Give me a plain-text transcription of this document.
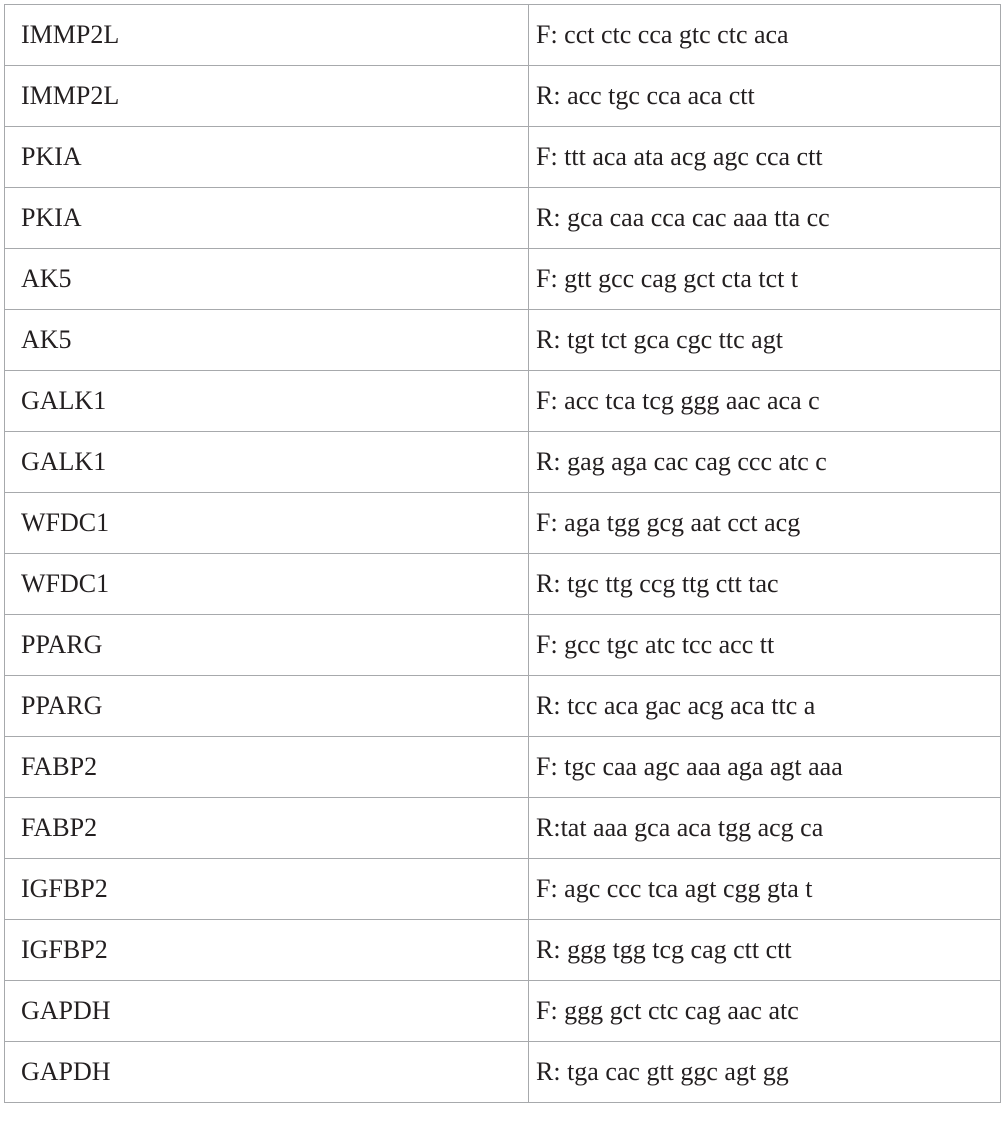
IMMP2L	F: cct ctc cca gtc ctc aca
IMMP2L	R: acc tgc cca aca ctt
PKIA	F: ttt aca ata acg agc cca ctt
PKIA	R: gca caa cca cac aaa tta cc
AK5	F: gtt gcc cag gct cta tct t
AK5	R: tgt tct gca cgc ttc agt
GALK1	F: acc tca tcg ggg aac aca c
GALK1	R: gag aga cac cag ccc atc c
WFDC1	F: aga tgg gcg aat cct acg
WFDC1	R: tgc ttg ccg ttg ctt tac
PPARG	F: gcc tgc atc tcc acc tt
PPARG	R: tcc aca gac acg aca ttc a
FABP2	F: tgc caa agc aaa aga agt aaa
FABP2	R:tat aaa gca aca tgg acg ca
IGFBP2	F: agc ccc tca agt cgg gta t
IGFBP2	R: ggg tgg tcg cag ctt ctt
GAPDH	F: ggg gct ctc cag aac atc
GAPDH	R: tga cac gtt ggc agt gg
